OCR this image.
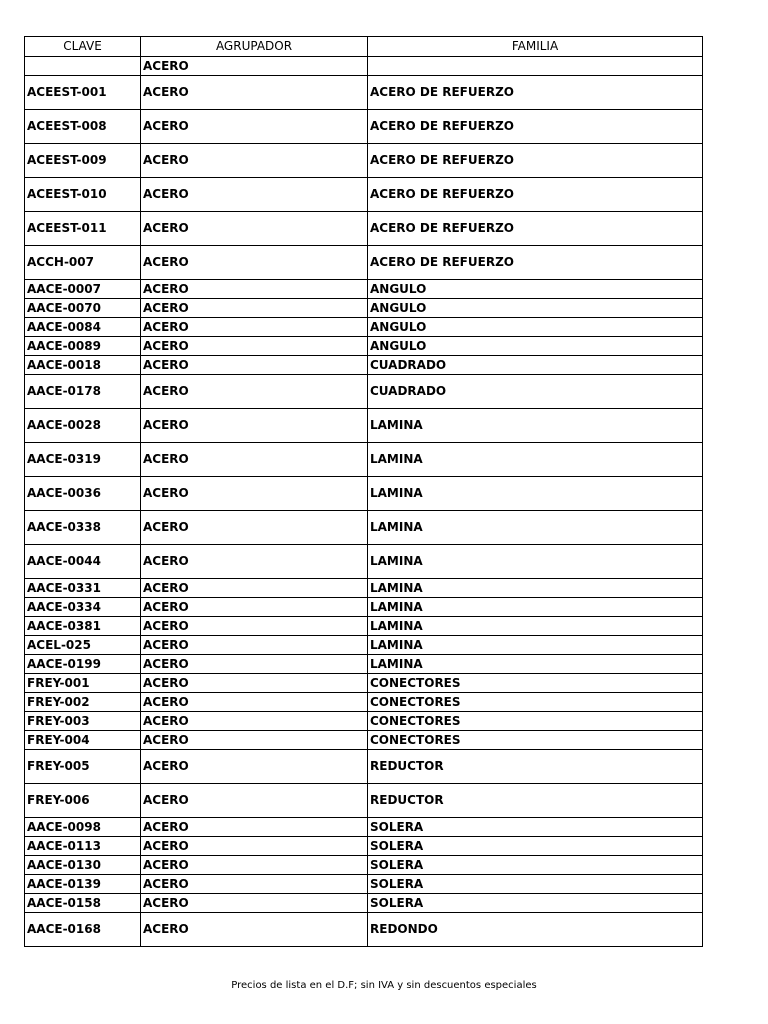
CLAVE	AGRUPADOR	FAMILIA
	ACERO	
ACEEST-001	ACERO	ACERO DE REFUERZO
ACEEST-008	ACERO	ACERO DE REFUERZO
ACEEST-009	ACERO	ACERO DE REFUERZO
ACEEST-010	ACERO	ACERO DE REFUERZO
ACEEST-011	ACERO	ACERO DE REFUERZO
ACCH-007	ACERO	ACERO DE REFUERZO
AACE-0007	ACERO	ANGULO
AACE-0070	ACERO	ANGULO
AACE-0084	ACERO	ANGULO
AACE-0089	ACERO	ANGULO
AACE-0018	ACERO	CUADRADO
AACE-0178	ACERO	CUADRADO
AACE-0028	ACERO	LAMINA
AACE-0319	ACERO	LAMINA
AACE-0036	ACERO	LAMINA
AACE-0338	ACERO	LAMINA
AACE-0044	ACERO	LAMINA
AACE-0331	ACERO	LAMINA
AACE-0334	ACERO	LAMINA
AACE-0381	ACERO	LAMINA
ACEL-025	ACERO	LAMINA
AACE-0199	ACERO	LAMINA
FREY-001	ACERO	CONECTORES
FREY-002	ACERO	CONECTORES
FREY-003	ACERO	CONECTORES
FREY-004	ACERO	CONECTORES
FREY-005	ACERO	REDUCTOR
FREY-006	ACERO	REDUCTOR
AACE-0098	ACERO	SOLERA
AACE-0113	ACERO	SOLERA
AACE-0130	ACERO	SOLERA
AACE-0139	ACERO	SOLERA
AACE-0158	ACERO	SOLERA
AACE-0168	ACERO	REDONDO
Precios de lista en el D.F; sin IVA y sin descuentos especiales
